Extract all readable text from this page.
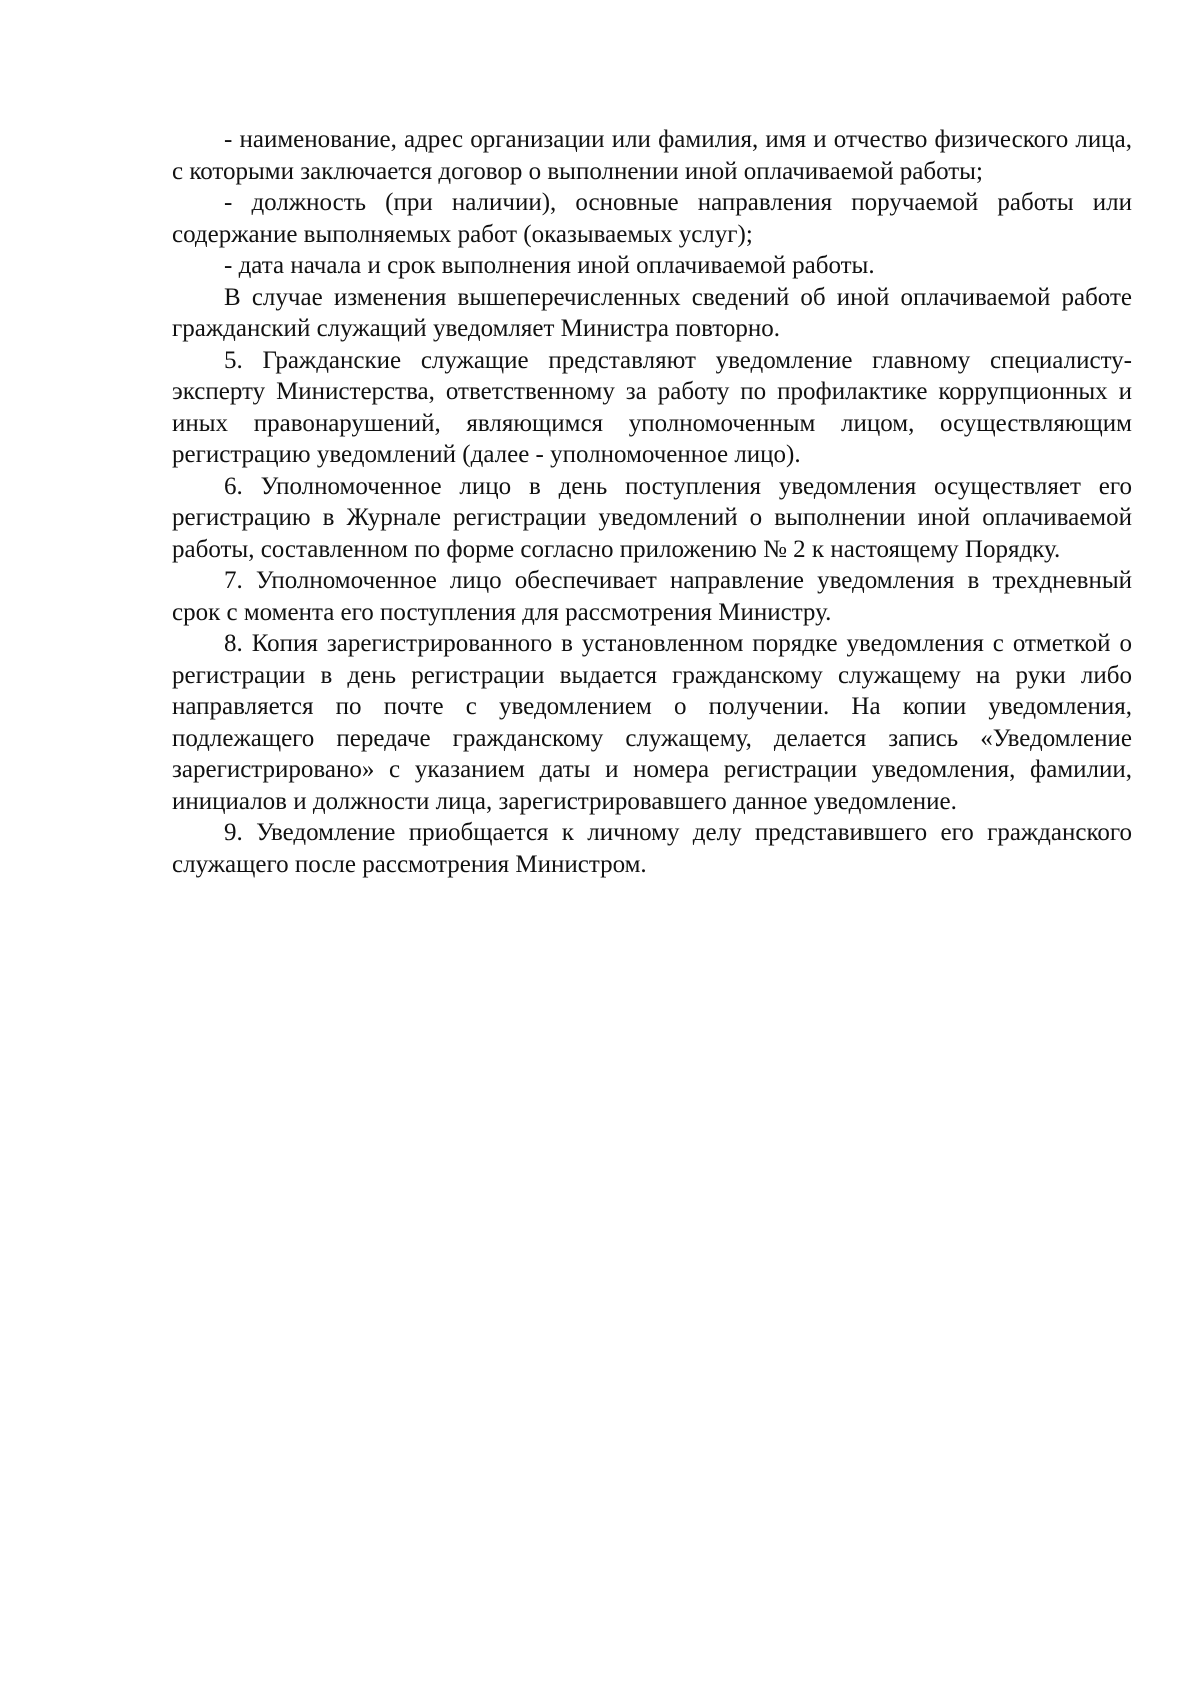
- наименование, адрес организации или фамилия, имя и отчество физического лица, с которыми заключается договор о выполнении иной оплачиваемой работы;

- должность (при наличии), основные направления поручаемой работы или содержание выполняемых работ (оказываемых услуг);

- дата начала и срок выполнения иной оплачиваемой работы.

В случае изменения вышеперечисленных сведений об иной оплачиваемой работе гражданский служащий уведомляет Министра повторно.

5. Гражданские служащие представляют уведомление главному специалисту-эксперту Министерства, ответственному за работу по профилактике коррупционных и иных правонарушений, являющимся уполномоченным лицом, осуществляющим регистрацию уведомлений (далее - уполномоченное лицо).

6. Уполномоченное лицо в день поступления уведомления осуществляет его регистрацию в Журнале регистрации уведомлений о выполнении иной оплачиваемой работы, составленном по форме согласно приложению № 2 к настоящему Порядку.

7. Уполномоченное лицо обеспечивает направление уведомления в трехдневный срок с момента его поступления для рассмотрения Министру.

8. Копия зарегистрированного в установленном порядке уведомления с отметкой о регистрации в день регистрации выдается гражданскому служащему на руки либо направляется по почте с уведомлением о получении. На копии уведомления, подлежащего передаче гражданскому служащему, делается запись «Уведомление зарегистрировано» с указанием даты и номера регистрации уведомления, фамилии, инициалов и должности лица, зарегистрировавшего данное уведомление.

9. Уведомление приобщается к личному делу представившего его гражданского служащего после рассмотрения Министром.
